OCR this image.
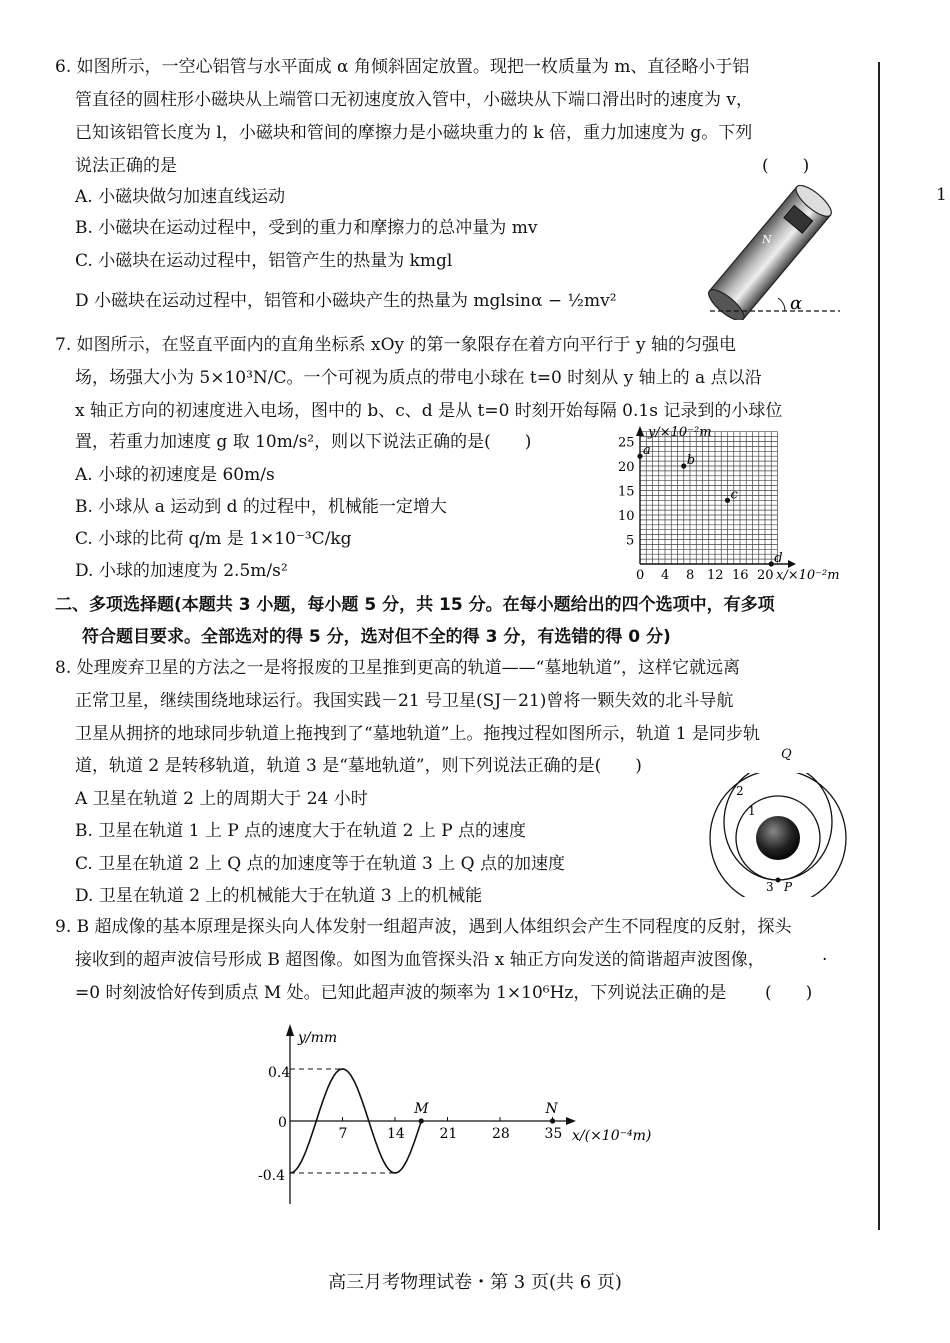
6. 如图所示，一空心铝管与水平面成 α 角倾斜固定放置。现把一枚质量为 m、直径略小于铝
管直径的圆柱形小磁块从上端管口无初速度放入管中，小磁块从下端口滑出时的速度为 v，
已知该铝管长度为 l，小磁块和管间的摩擦力是小磁块重力的 k 倍，重力加速度为 g。下列
说法正确的是	(　　)
A. 小磁块做匀加速直线运动
B. 小磁块在运动过程中，受到的重力和摩擦力的总冲量为 mv
C. 小磁块在运动过程中，铝管产生的热量为 kmgl
D 小磁块在运动过程中，铝管和小磁块产生的热量为 mglsinα − ½mv²
N
α
7. 如图所示，在竖直平面内的直角坐标系 xOy 的第一象限存在着方向平行于 y 轴的匀强电
场，场强大小为 5×10³N/C。一个可视为质点的带电小球在 t=0 时刻从 y 轴上的 a 点以沿
x 轴正方向的初速度进入电场，图中的 b、c、d 是从 t=0 时刻开始每隔 0.1s 记录到的小球位
置，若重力加速度 g 取 10m/s²，则以下说法正确的是(　　)
A. 小球的初速度是 60m/s
B. 小球从 a 运动到 d 的过程中，机械能一定增大
C. 小球的比荷 q/m 是 1×10⁻³C/kg
D. 小球的加速度为 2.5m/s²
y/×10⁻²m
x/×10⁻²m
0 4 8 12 16 20
5
10
15
20
25
a
b
c
d
二、多项选择题(本题共 3 小题，每小题 5 分，共 15 分。在每小题给出的四个选项中，有多项
符合题目要求。全部选对的得 5 分，选对但不全的得 3 分，有选错的得 0 分)
8. 处理废弃卫星的方法之一是将报废的卫星推到更高的轨道——“墓地轨道”，这样它就远离
正常卫星，继续围绕地球运行。我国实践－21 号卫星(SJ－21)曾将一颗失效的北斗导航
卫星从拥挤的地球同步轨道上拖拽到了“墓地轨道”上。拖拽过程如图所示，轨道 1 是同步轨
道，轨道 2 是转移轨道，轨道 3 是“墓地轨道”，则下列说法正确的是(　　)
A 卫星在轨道 2 上的周期大于 24 小时
B. 卫星在轨道 1 上 P 点的速度大于在轨道 2 上 P 点的速度
C. 卫星在轨道 2 上 Q 点的加速度等于在轨道 3 上 Q 点的加速度
D. 卫星在轨道 2 上的机械能大于在轨道 3 上的机械能	3 P
2
1
Q
9. B 超成像的基本原理是探头向人体发射一组超声波，遇到人体组织会产生不同程度的反射，探头
接收到的超声波信号形成 B 超图像。如图为血管探头沿 x 轴正方向发送的简谐超声波图像，	·
=0 时刻波恰好传到质点 M 处。已知此超声波的频率为 1×10⁶Hz，下列说法正确的是 (　　)
y/mm
x/(×10⁻⁴m)
0.4
0
-0.4
7	14 21 28 35
M	N
1
高三月考物理试卷・第 3 页(共 6 页)
